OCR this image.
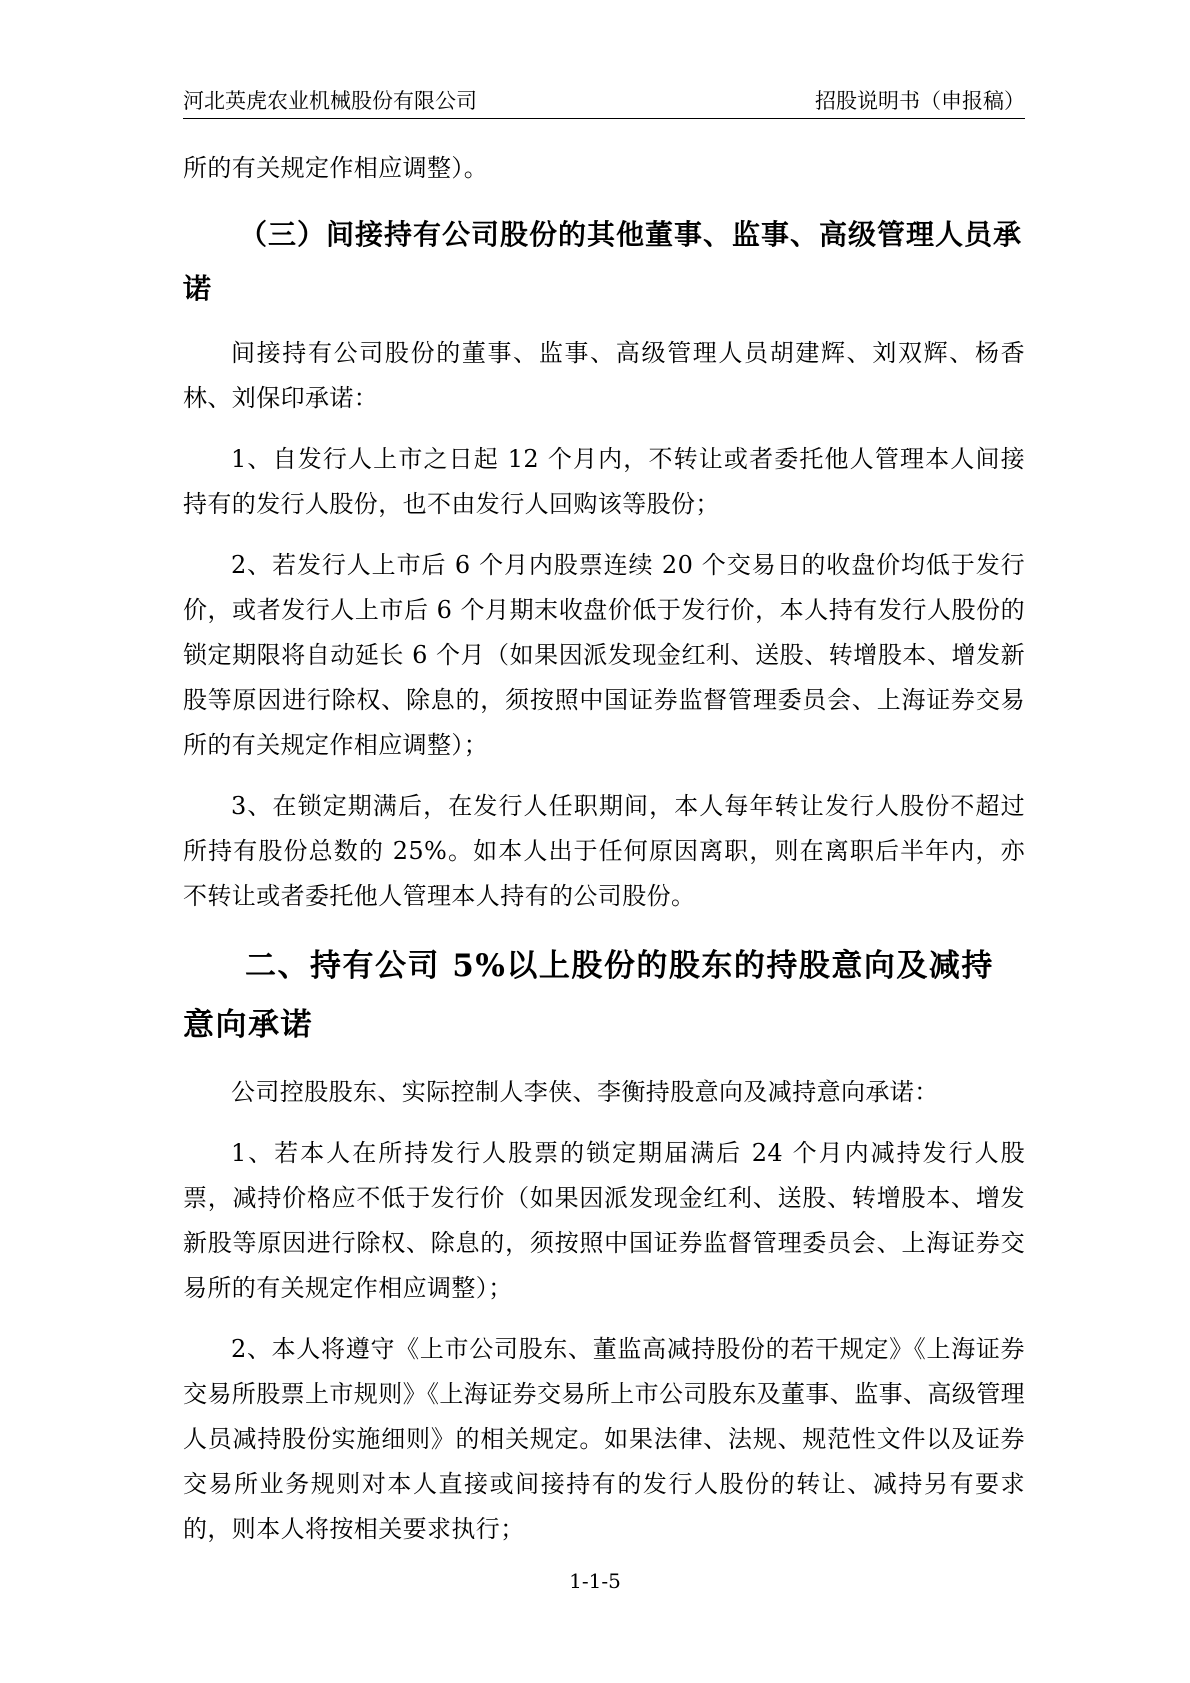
河北英虎农业机械股份有限公司	招股说明书（申报稿）

所的有关规定作相应调整）。

（三）间接持有公司股份的其他董事、监事、高级管理人员承诺

间接持有公司股份的董事、监事、高级管理人员胡建辉、刘双辉、杨香林、刘保印承诺：

1、自发行人上市之日起 12 个月内，不转让或者委托他人管理本人间接持有的发行人股份，也不由发行人回购该等股份；

2、若发行人上市后 6 个月内股票连续 20 个交易日的收盘价均低于发行价，或者发行人上市后 6 个月期末收盘价低于发行价，本人持有发行人股份的锁定期限将自动延长 6 个月（如果因派发现金红利、送股、转增股本、增发新股等原因进行除权、除息的，须按照中国证券监督管理委员会、上海证券交易所的有关规定作相应调整）；

3、在锁定期满后，在发行人任职期间，本人每年转让发行人股份不超过所持有股份总数的 25%。如本人出于任何原因离职，则在离职后半年内，亦不转让或者委托他人管理本人持有的公司股份。

二、持有公司 5%以上股份的股东的持股意向及减持意向承诺

公司控股股东、实际控制人李侠、李衡持股意向及减持意向承诺：

1、若本人在所持发行人股票的锁定期届满后 24 个月内减持发行人股票，减持价格应不低于发行价（如果因派发现金红利、送股、转增股本、增发新股等原因进行除权、除息的，须按照中国证券监督管理委员会、上海证券交易所的有关规定作相应调整）；

2、本人将遵守《上市公司股东、董监高减持股份的若干规定》《上海证券交易所股票上市规则》《上海证券交易所上市公司股东及董事、监事、高级管理人员减持股份实施细则》的相关规定。如果法律、法规、规范性文件以及证券交易所业务规则对本人直接或间接持有的发行人股份的转让、减持另有要求的，则本人将按相关要求执行；

1-1-5
